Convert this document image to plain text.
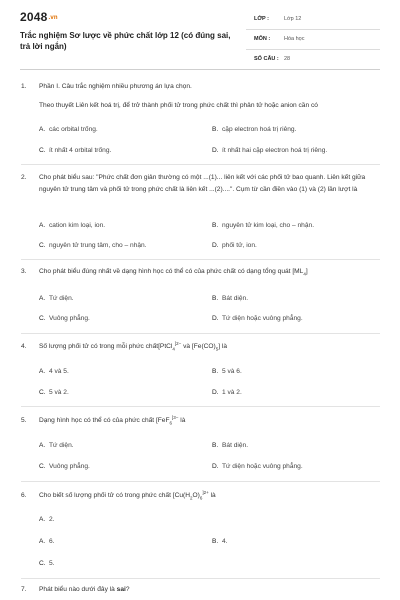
2048.vn
Trắc nghiệm Sơ lược về phức chất lớp 12 (có đúng sai, trả lời ngắn)
LỚP :	Lớp 12
MÔN :	Hóa học
SỐ CÂU : 28
1. Phần I. Câu trắc nghiệm nhiều phương án lựa chọn.
Theo thuyết Liên kết hoá trị, để trở thành phối tử trong phức chất thì phân tử hoặc anion cần có
A. các orbital trống.	B. cặp electron hoá trị riêng.
C. ít nhất 4 orbital trống.	D. ít nhất hai cặp electron hoá trị riêng.
2. Cho phát biểu sau: "Phức chất đơn giản thường có một ...(1)... liên kết với các phối tử bao quanh. Liên kết giữa nguyên tử trung tâm và phối tử trong phức chất là liên kết ...(2)....". Cụm từ cần điền vào (1) và (2) lần lượt là
A. cation kim loại, ion.	B. nguyên tử kim loại, cho – nhận.
C. nguyên tử trung tâm, cho – nhận.	D. phối tử, ion.
3. Cho phát biểu đúng nhất về dạng hình học có thể có của phức chất có dạng tổng quát $[ML_4]$
A. Tứ diện.	B. Bát diện.
C. Vuông phẳng.	D. Tứ diện hoặc vuông phẳng.
4. Số lượng phối tử có trong mỗi phức chất[PtCl$_4^{]2-}$ và $[Fe(CO)_5]$ là
A. 4 và 5.	B. 5 và 6.
C. 5 và 2.	D. 1 và 2.
5. Dạng hình học có thể có của phức chất [FeF$_6^{]3-}$ là
A. Tứ diện.	B. Bát diện.
C. Vuông phẳng.	D. Tứ diện hoặc vuông phẳng.
6. Cho biết số lượng phối tử có trong phức chất [$Cu(H_2O)_6^{]2+}$ là
A. 2.
A. 6.	B. 4.
C. 5.
7. Phát biểu nào dưới đây là sai?
